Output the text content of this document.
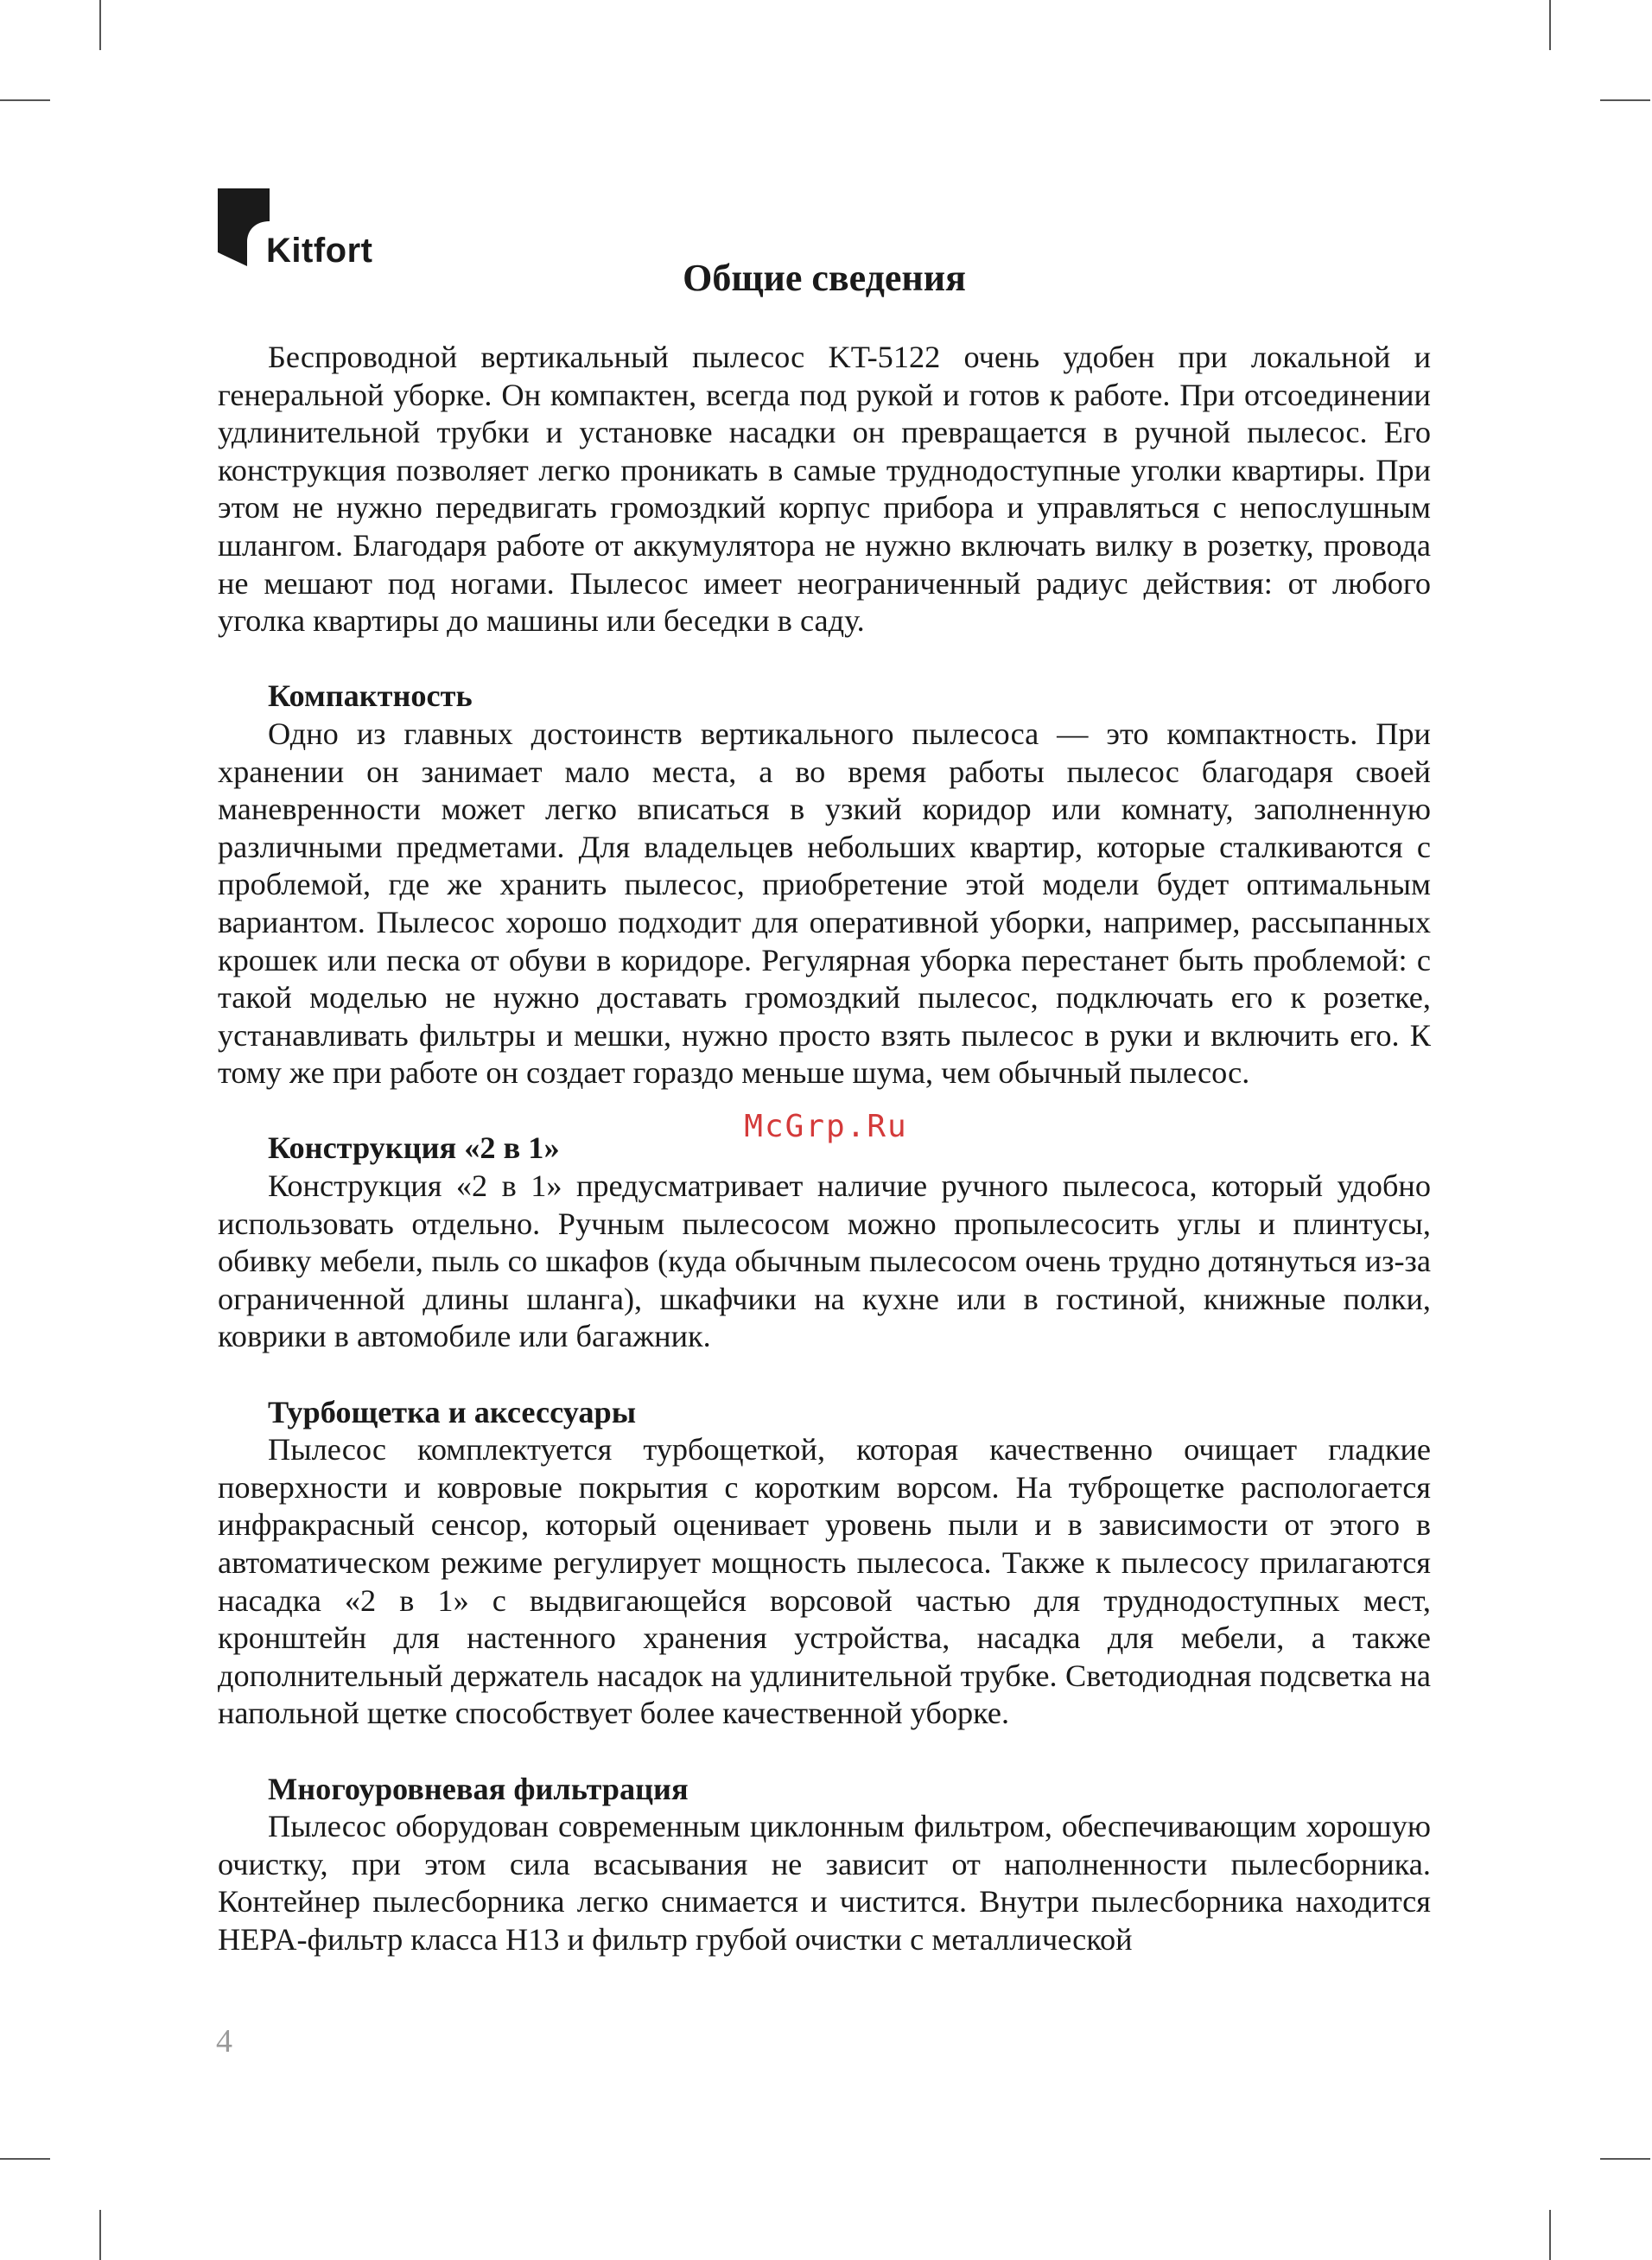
Kitfort
Общие сведения

Беспроводной вертикальный пылесос KT-5122 очень удобен при локальной и генеральной уборке. Он компактен, всегда под рукой и готов к работе. При отсоединении удлинительной трубки и установке насадки он превращается в ручной пылесос. Его конструкция позволяет легко проникать в самые труднодоступные уголки квартиры. При этом не нужно передвигать громоздкий корпус прибора и управляться с непослушным шлангом. Благодаря работе от аккумулятора не нужно включать вилку в розетку, провода не мешают под ногами. Пылесос имеет неограниченный радиус действия: от любого уголка квартиры до машины или беседки в саду.

Компактность

Одно из главных достоинств вертикального пылесоса — это компактность. При хранении он занимает мало места, а во время работы пылесос благодаря своей маневренности может легко вписаться в узкий коридор или комнату, заполненную различными предметами. Для владельцев небольших квартир, которые сталкиваются с проблемой, где же хранить пылесос, приобретение этой модели будет оптимальным вариантом. Пылесос хорошо подходит для оперативной уборки, например, рассыпанных крошек или песка от обуви в коридоре. Регулярная уборка перестанет быть проблемой: с такой моделью не нужно доставать громоздкий пылесос, подключать его к розетке, устанавливать фильтры и мешки, нужно просто взять пылесос в руки и включить его. К тому же при работе он создает гораздо меньше шума, чем обычный пылесос.

Конструкция «2 в 1»

Конструкция «2 в 1» предусматривает наличие ручного пылесоса, который удобно использовать отдельно. Ручным пылесосом можно пропылесосить углы и плинтусы, обивку мебели, пыль со шкафов (куда обычным пылесосом очень трудно дотянуться из-за ограниченной длины шланга), шкафчики на кухне или в гостиной, книжные полки, коврики в автомобиле или багажник.

Турбощетка и аксессуары

Пылесос комплектуется турбощеткой, которая качественно очищает гладкие поверхности и ковровые покрытия с коротким ворсом. На туброщетке распологается инфракрасный сенсор, который оценивает уровень пыли и в зависимости от этого в автоматическом режиме регулирует мощность пылесоса. Также к пылесосу прилагаются насадка «2 в 1» с выдвигающейся ворсовой частью для труднодоступных мест, кронштейн для настенного хранения устройства, насадка для мебели, а также дополнительный держатель насадок на удлинительной трубке. Светодиодная подсветка на напольной щетке способствует более качественной уборке.

Многоуровневая фильтрация

Пылесос оборудован современным циклонным фильтром, обеспечивающим хорошую очистку, при этом сила всасывания не зависит от наполненности пылесборника. Контейнер пылесборника легко снимается и чистится. Внутри пылесборника находится HEPA-фильтр класса H13 и фильтр грубой очистки с металлической

McGrp.Ru
4
